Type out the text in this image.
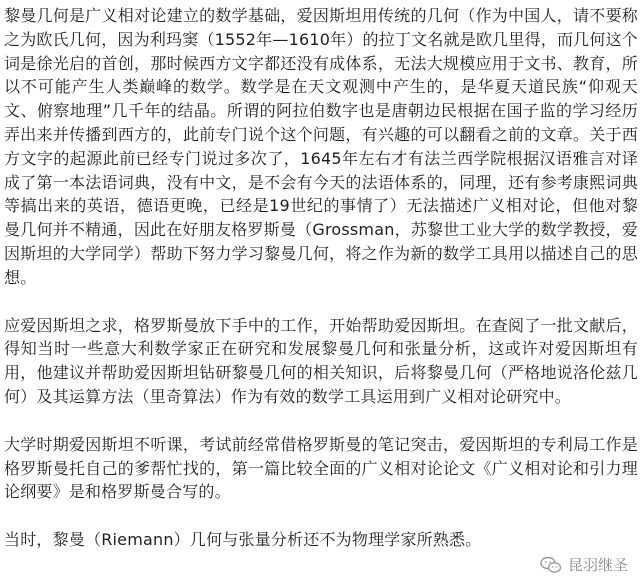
黎曼几何是广义相对论建立的数学基础，爱因斯坦用传统的几何（作为中国人，请不要称之为欧氏几何，因为利玛窦（1552年—1610年）的拉丁文名就是欧几里得，而几何这个词是徐光启的首创，那时候西方文字都还没有成体系，无法大规模应用于文书、教育，所以不可能产生人类巅峰的数学。数学是在天文观测中产生的，是华夏天道民族“仰观天文、俯察地理”几千年的结晶。所谓的阿拉伯数字也是唐朝边民根据在国子监的学习经历弄出来并传播到西方的，此前专门说个这个问题，有兴趣的可以翻看之前的文章。关于西方文字的起源此前已经专门说过多次了，1645年左右才有法兰西学院根据汉语雅言对译成了第一本法语词典，没有中文，是不会有今天的法语体系的，同理，还有参考康熙词典等搞出来的英语，德语更晚，已经是19世纪的事情了）无法描述广义相对论，但他对黎曼几何并不精通，因此在好朋友格罗斯曼（Grossman，苏黎世工业大学的数学教授，爱因斯坦的大学同学）帮助下努力学习黎曼几何，将之作为新的数学工具用以描述自己的思想。

应爱因斯坦之求，格罗斯曼放下手中的工作，开始帮助爱因斯坦。在查阅了一批文献后，得知当时一些意大利数学家正在研究和发展黎曼几何和张量分析，这或许对爱因斯坦有用，他建议并帮助爱因斯坦钻研黎曼几何的相关知识，后将黎曼几何（严格地说洛伦兹几何）及其运算方法（里奇算法）作为有效的数学工具运用到广义相对论研究中。

大学时期爱因斯坦不听课，考试前经常借格罗斯曼的笔记突击，爱因斯坦的专利局工作是格罗斯曼托自己的爹帮忙找的，第一篇比较全面的广义相对论论文《广义相对论和引力理论纲要》是和格罗斯曼合写的。

当时，黎曼（Riemann）几何与张量分析还不为物理学家所熟悉。

昆羽继圣
